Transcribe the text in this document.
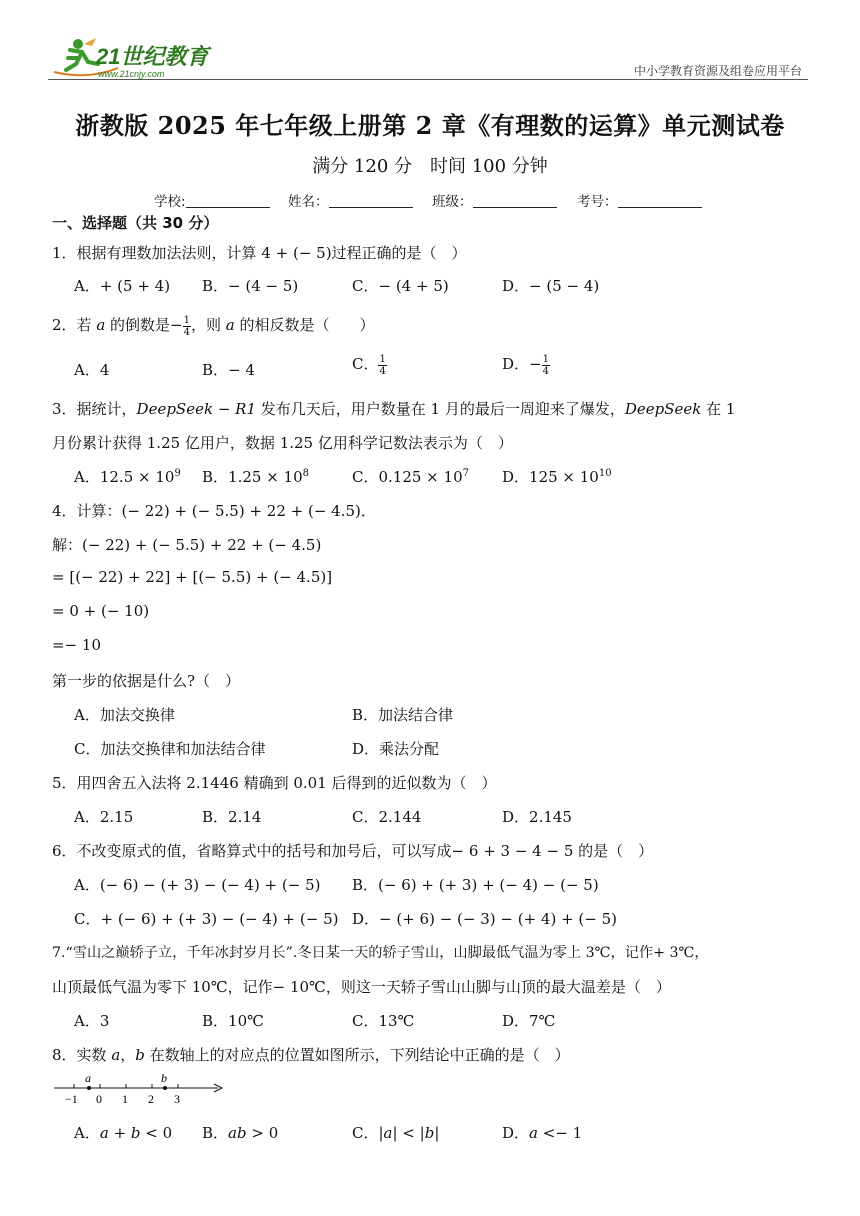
21世纪教育
www.21cnjy.com	中小学教育资源及组卷应用平台
浙教版 2025 年七年级上册第 2 章《有理数的运算》单元测试卷
满分 120 分　时间 100 分钟
学校:	姓名：	班级：	考号：
一、选择题（共 30 分）
1．根据有理数加法法则，计算 4 + (− 5)过程正确的是（　）
A．+ (5 + 4) B．− (4 − 5)	C．− (4 + 5)	D．− (5 − 4)
2．若 a 的倒数是− $\frac{1}{4}$ ，则 a 的相反数是（　　）
A．4	B．− 4	C． $\frac{1}{4}$	D．− $\frac{1}{4}$
3．据统计，DeepSeek − R1 发布几天后，用户数量在 1 月的最后一周迎来了爆发，DeepSeek 在 1
月份累计获得 1.25 亿用户，数据 1.25 亿用科学记数法表示为（　）
A．$12.5 \times 10^9$ B．$1.25 \times 10^8$	C．$0.125 \times 10^7$ D．$125 \times 10^{10}$
4．计算：(− 22) + (− 5.5) + 22 + (− 4.5)．
解：(− 22) + (− 5.5) + 22 + (− 4.5)
= [(− 22) + 22] + [(− 5.5) + (− 4.5)]
= 0 + (− 10)
=− 10
第一步的依据是什么?（　）
A．加法交换律	B．加法结合律
C．加法交换律和加法结合律	D．乘法分配
5．用四舍五入法将 2.1446 精确到 0.01 后得到的近似数为（　）
A．2.15	B．2.14	C．2.144	D．2.145
6．不改变原式的值，省略算式中的括号和加号后，可以写成− 6 + 3 − 4 − 5 的是（　）
A．(− 6) − (+ 3) − (− 4) + (− 5) B．(− 6) + (+ 3) + (− 4) − (− 5)
C．+ (− 6) + (+ 3) − (− 4) + (− 5) D．− (+ 6) − (− 3) − (+ 4) + (− 5)
7.“雪山之巅轿子立，千年冰封岁月长”.冬日某一天的轿子雪山，山脚最低气温为零上 3℃，记作+ 3℃，
山顶最低气温为零下 10℃，记作− 10℃，则这一天轿子雪山山脚与山顶的最大温差是（　）
A．3	B．10℃	C．13℃	D．7℃
8．实数 a，b 在数轴上的对应点的位置如图所示，下列结论中正确的是（　）
a	b
−1 0 1 2 3
A．a + b < 0 B．ab > 0	C．|a| < |b|	D．a <− 1
